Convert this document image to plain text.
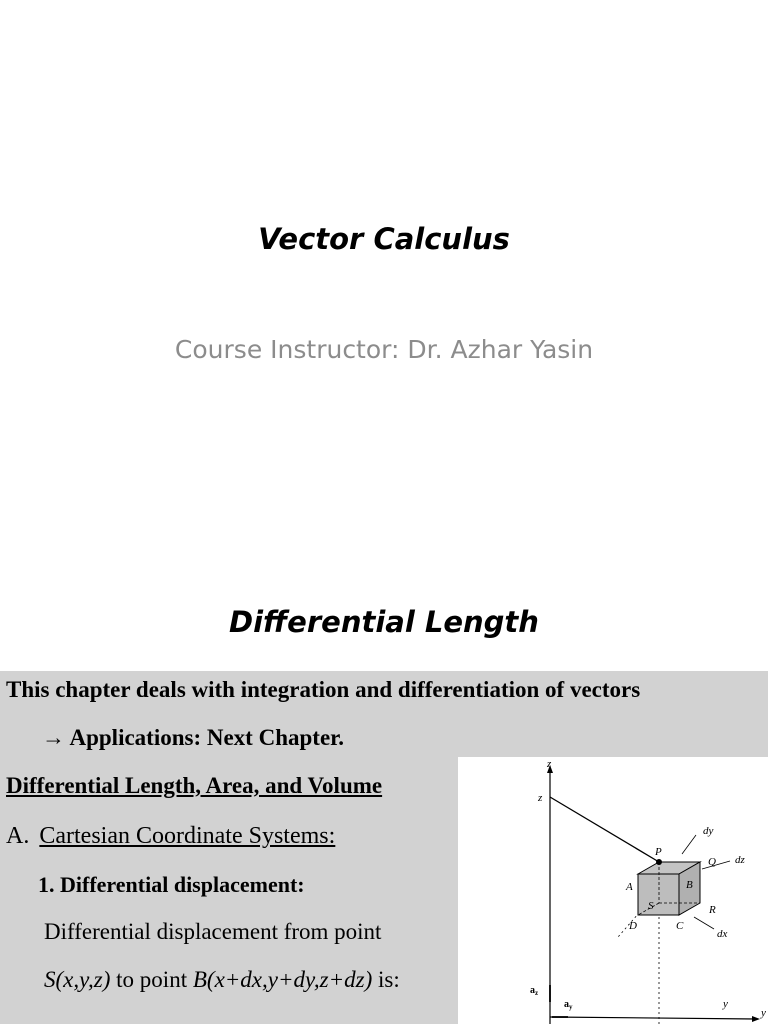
Vector Calculus
Course Instructor: Dr. Azhar Yasin
Differential Length
This chapter deals with integration and differentiation of vectors
→ Applications: Next Chapter.
Differential Length, Area, and Volume
A. Cartesian Coordinate Systems:
1. Differential displacement:
Differential displacement from point
S(x,y,z) to point B(x+dx,y+dy,z+dz) is:
z
z
y
y
P
Q
A	B
S	R
D	C
dy
dz
dx
$a_z$
$a_y$
